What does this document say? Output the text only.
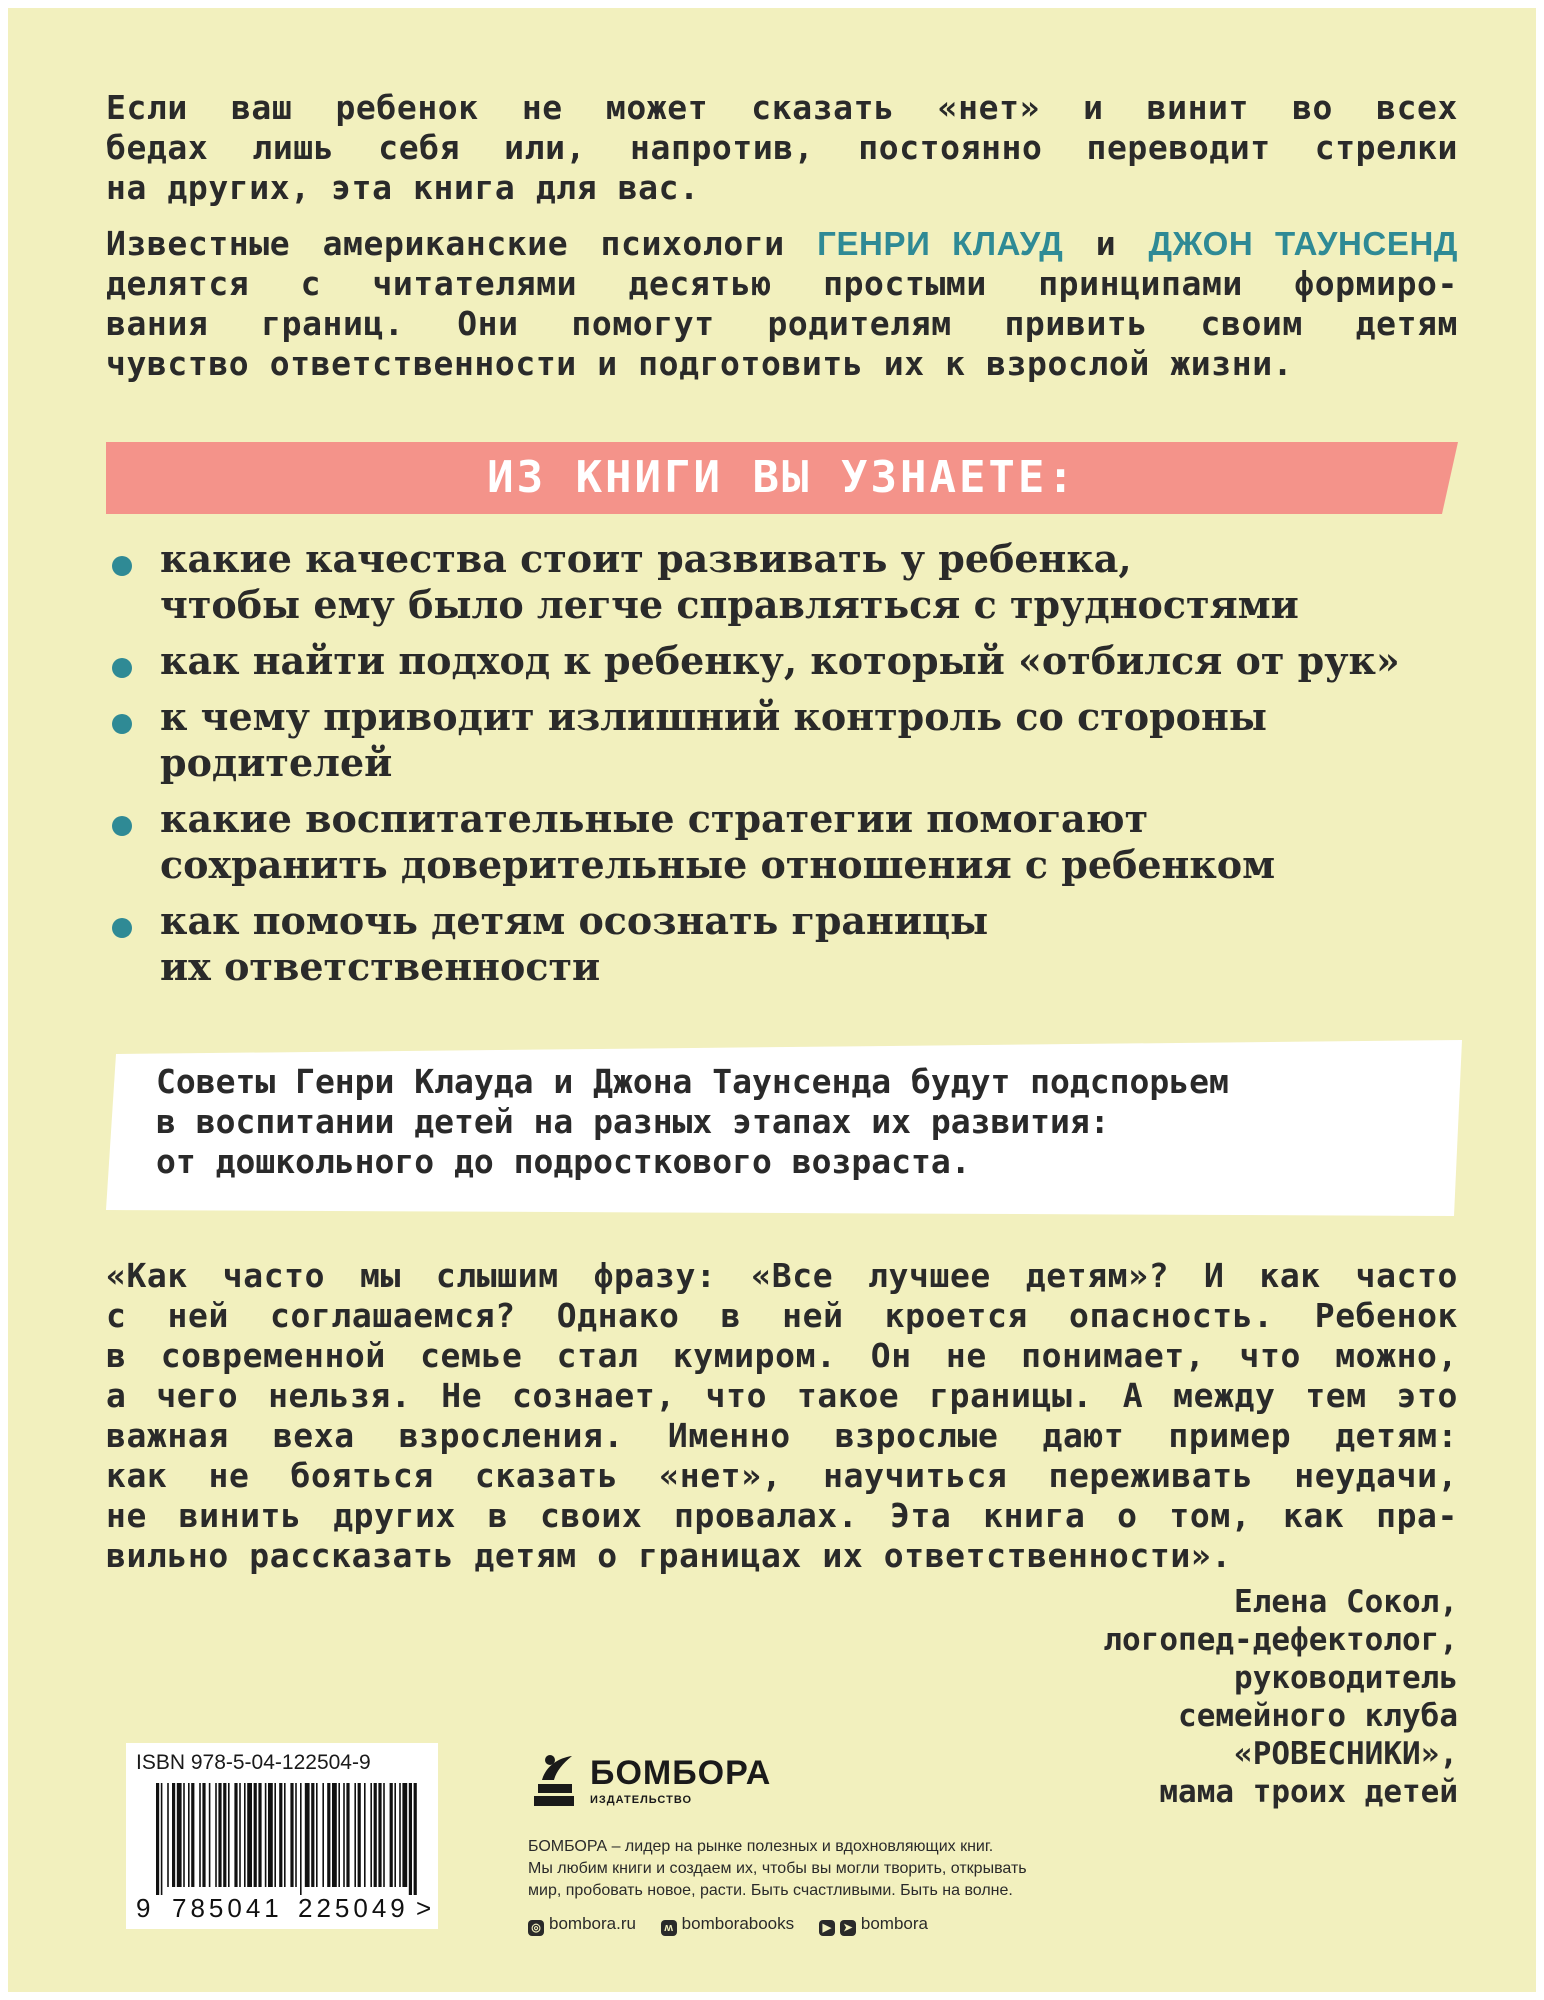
Если ваш ребенок не может сказать «нет» и винит во всех

бедах лишь себя или, напротив, постоянно переводит стрелки

на других, эта книга для вас.

Известные американские психологи ГЕНРИ КЛАУД и ДЖОН ТАУНСЕНД

делятся с читателями десятью простыми принципами формиро-

вания границ. Они помогут родителям привить своим детям

чувство ответственности и подготовить их к взрослой жизни.

ИЗ КНИГИ ВЫ УЗНАЕТЕ:
какие качества стоит развивать у ребенка,
чтобы ему было легче справляться с трудностями
как найти подход к ребенку, который «отбился от рук»
к чему приводит излишний контроль со стороны
родителей
какие воспитательные стратегии помогают
сохранить доверительные отношения с ребенком
как помочь детям осознать границы
их ответственности
Советы Генри Клауда и Джона Таунсенда будут подспорьем
в воспитании детей на разных этапах их развития:
от дошкольного до подросткового возраста.

«Как часто мы слышим фразу: «Все лучшее детям»? И как часто

с ней соглашаемся? Однако в ней кроется опасность. Ребенок

в современной семье стал кумиром. Он не понимает, что можно,

а чего нельзя. Не сознает, что такое границы. А между тем это

важная веха взросления. Именно взрослые дают пример детям:

как не бояться сказать «нет», научиться переживать неудачи,

не винить других в своих провалах. Эта книга о том, как пра-

вильно рассказать детям о границах их ответственности».

Елена Сокол,
логопед-дефектолог,
руководитель
семейного клуба
«РОВЕСНИКИ»,
мама троих детей
ISBN 978-5-04-122504-9
9 785041 225049 >
БОМБОРА
ИЗДАТЕЛЬСТВО
БОМБОРА – лидер на рынке полезных и вдохновляющих книг.
Мы любим книги и создаем их, чтобы вы могли творить, открывать
мир, пробовать новое, расти. Быть счастливыми. Быть на волне.
◎ bombora.ru	ʍ bomborabooks	▶ ➤ bombora
